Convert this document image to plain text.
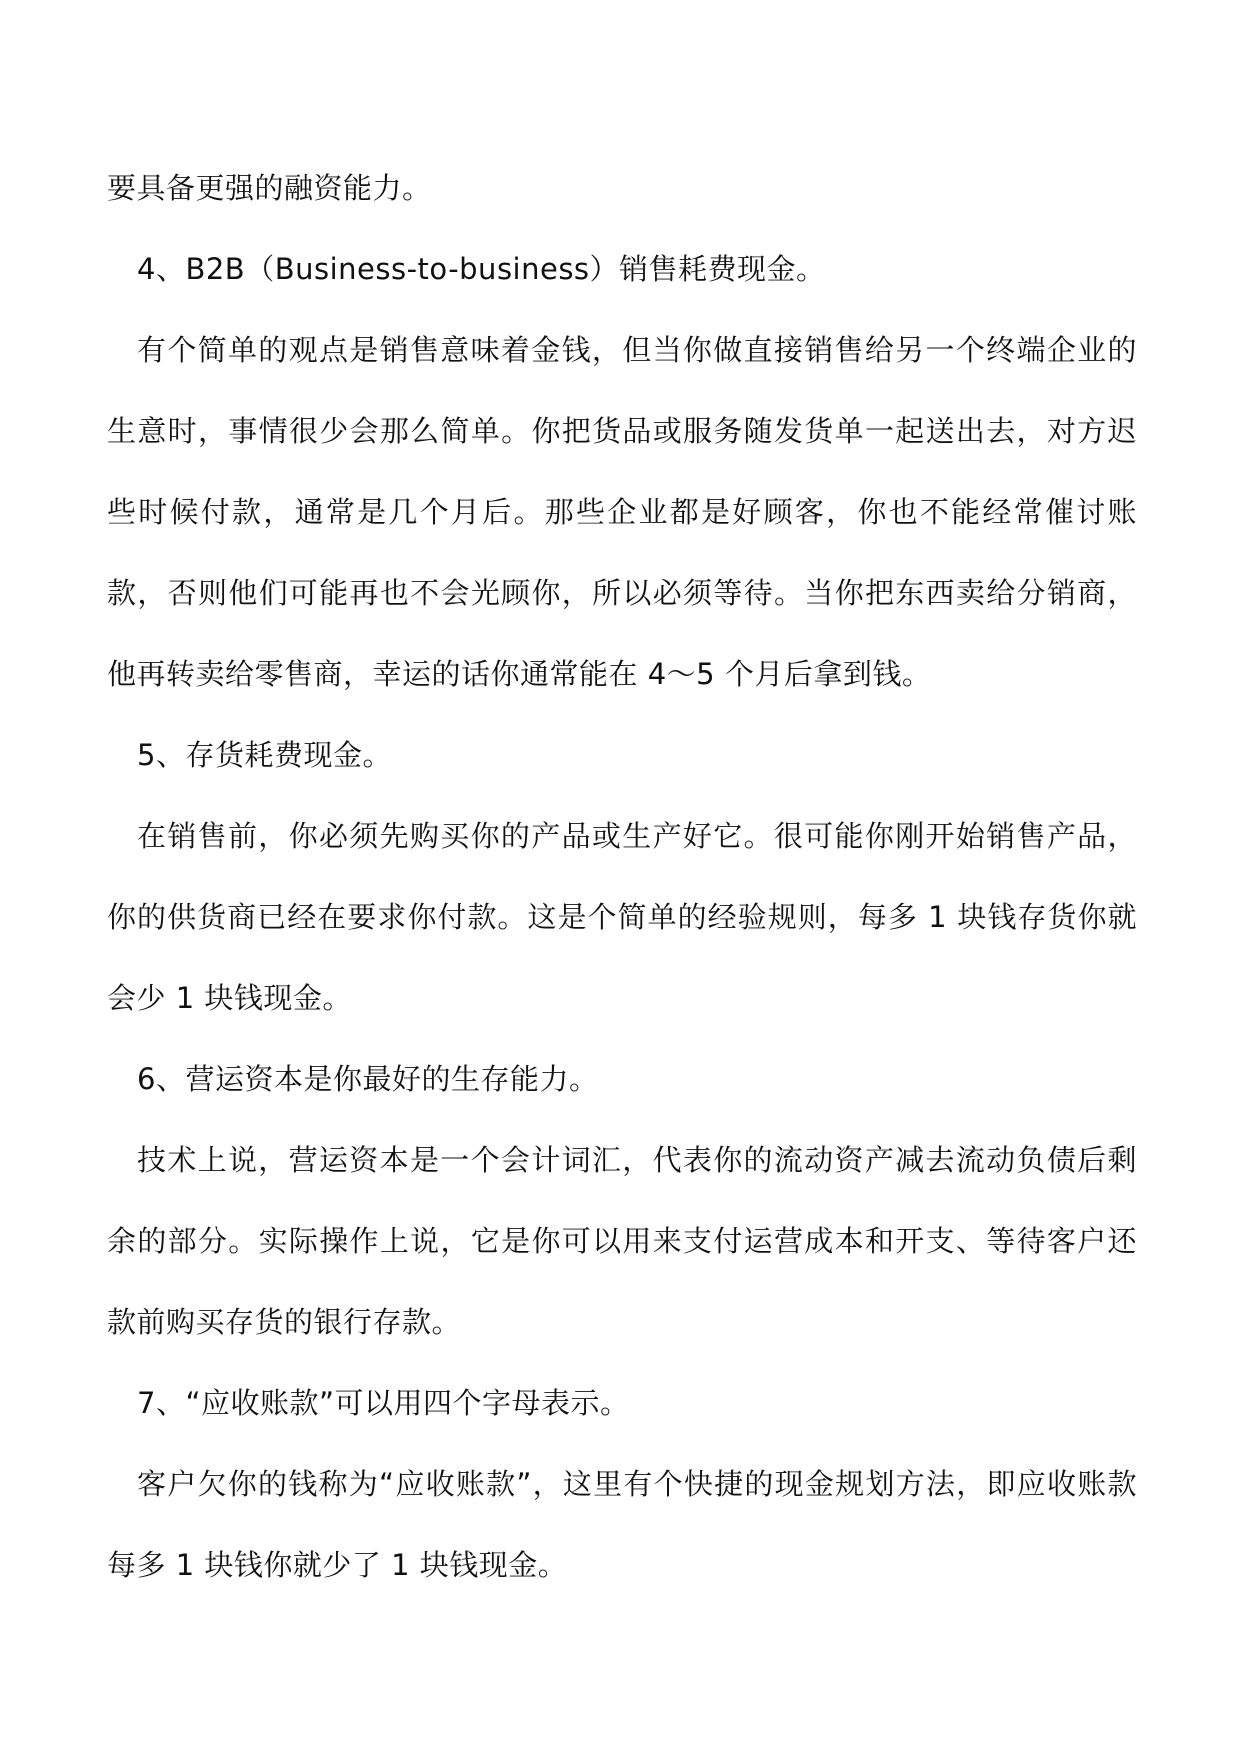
要具备更强的融资能力。

4、B2B（Business-to-business）销售耗费现金。

有个简单的观点是销售意味着金钱，但当你做直接销售给另一个终端企业的生意时，事情很少会那么简单。你把货品或服务随发货单一起送出去，对方迟些时候付款，通常是几个月后。那些企业都是好顾客，你也不能经常催讨账款，否则他们可能再也不会光顾你，所以必须等待。当你把东西卖给分销商，他再转卖给零售商，幸运的话你通常能在 4～5 个月后拿到钱。

5、存货耗费现金。

在销售前，你必须先购买你的产品或生产好它。很可能你刚开始销售产品，你的供货商已经在要求你付款。这是个简单的经验规则，每多 1 块钱存货你就会少 1 块钱现金。

6、营运资本是你最好的生存能力。

技术上说，营运资本是一个会计词汇，代表你的流动资产减去流动负债后剩余的部分。实际操作上说，它是你可以用来支付运营成本和开支、等待客户还款前购买存货的银行存款。

7、“应收账款”可以用四个字母表示。

客户欠你的钱称为“应收账款”，这里有个快捷的现金规划方法，即应收账款每多 1 块钱你就少了 1 块钱现金。
